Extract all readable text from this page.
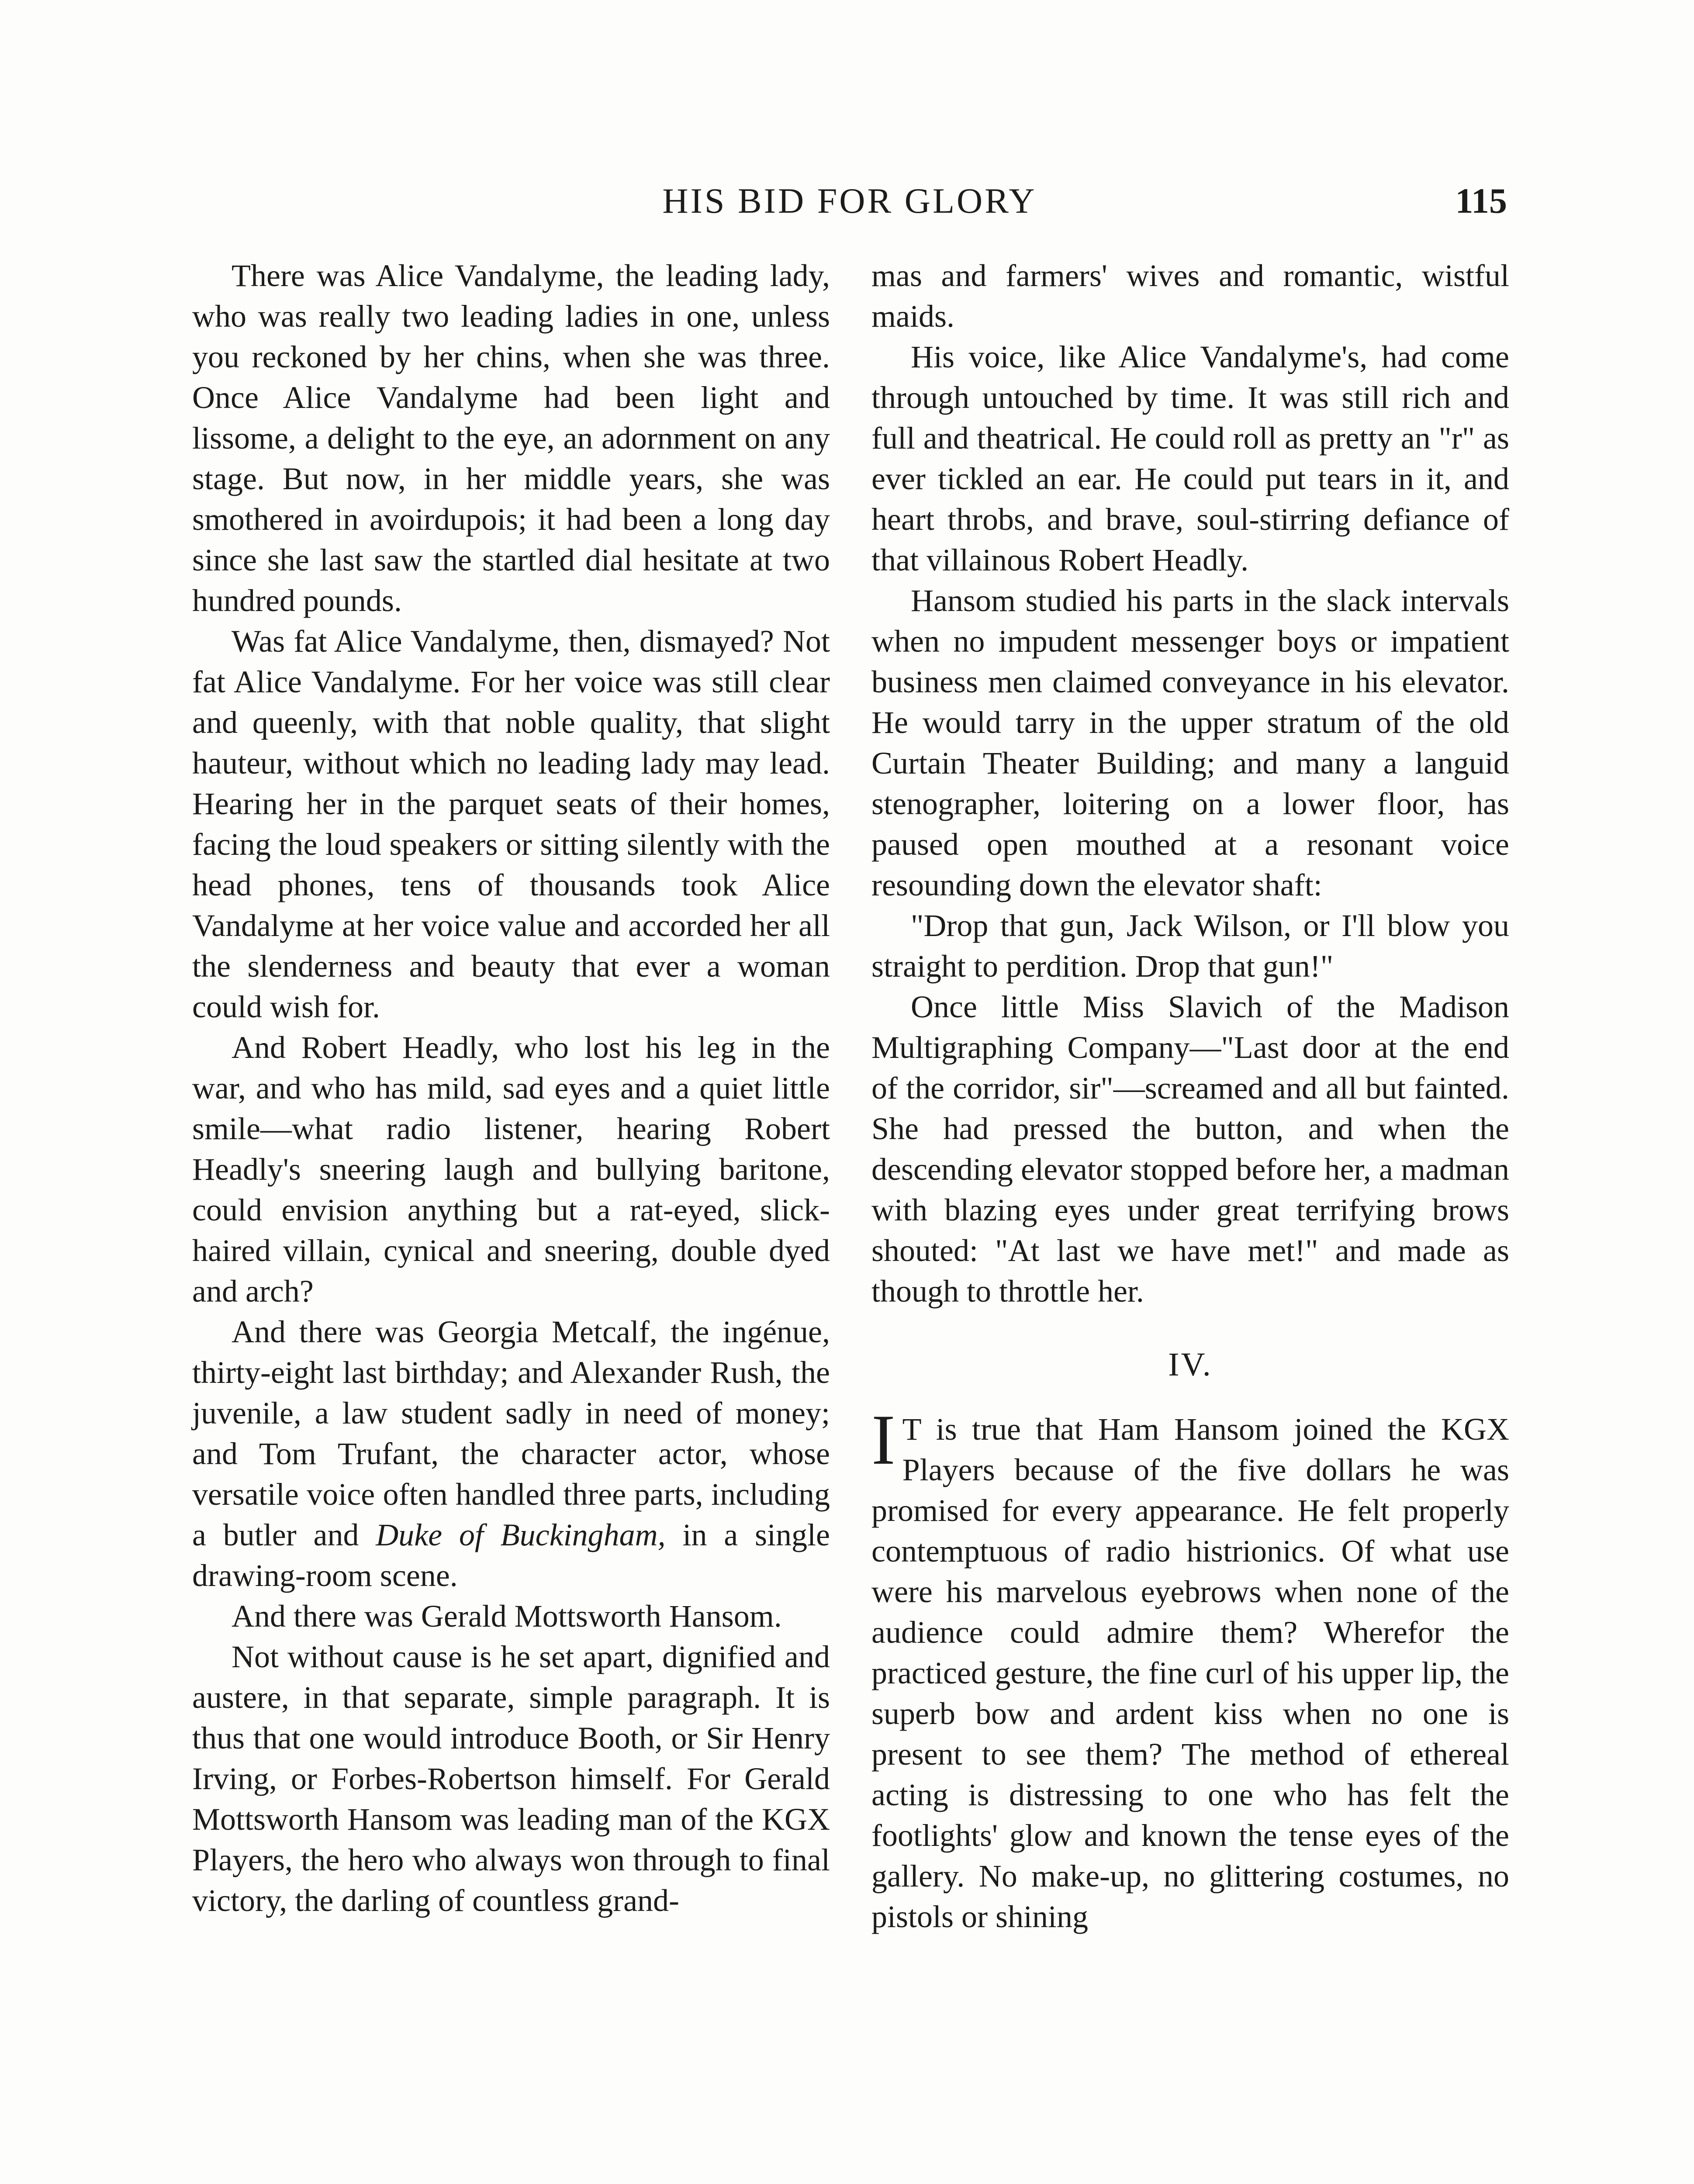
HIS BID FOR GLORY	115

There was Alice Vandalyme, the leading lady, who was really two leading ladies in one, unless you reckoned by her chins, when she was three. Once Alice Vandalyme had been light and lissome, a delight to the eye, an adornment on any stage. But now, in her middle years, she was smothered in avoirdupois; it had been a long day since she last saw the startled dial hesitate at two hundred pounds.

Was fat Alice Vandalyme, then, dismayed? Not fat Alice Vandalyme. For her voice was still clear and queenly, with that noble quality, that slight hauteur, without which no leading lady may lead. Hearing her in the parquet seats of their homes, facing the loud speakers or sitting silently with the head phones, tens of thousands took Alice Vandalyme at her voice value and accorded her all the slenderness and beauty that ever a woman could wish for.

And Robert Headly, who lost his leg in the war, and who has mild, sad eyes and a quiet little smile—what radio listener, hearing Robert Headly's sneering laugh and bullying baritone, could envision anything but a rat-eyed, slick-haired villain, cynical and sneering, double dyed and arch?

And there was Georgia Metcalf, the ingénue, thirty-eight last birthday; and Alexander Rush, the juvenile, a law student sadly in need of money; and Tom Trufant, the character actor, whose versatile voice often handled three parts, including a butler and Duke of Buckingham, in a single drawing-room scene.

And there was Gerald Mottsworth Hansom.

Not without cause is he set apart, dignified and austere, in that separate, simple paragraph. It is thus that one would introduce Booth, or Sir Henry Irving, or Forbes-Robertson himself. For Gerald Mottsworth Hansom was leading man of the KGX Players, the hero who always won through to final victory, the darling of countless grand-

mas and farmers' wives and romantic, wistful maids.

His voice, like Alice Vandalyme's, had come through untouched by time. It was still rich and full and theatrical. He could roll as pretty an "r" as ever tickled an ear. He could put tears in it, and heart throbs, and brave, soul-stirring defiance of that villainous Robert Headly.

Hansom studied his parts in the slack intervals when no impudent messenger boys or impatient business men claimed conveyance in his elevator. He would tarry in the upper stratum of the old Curtain Theater Building; and many a languid stenographer, loitering on a lower floor, has paused open mouthed at a resonant voice resounding down the elevator shaft:

"Drop that gun, Jack Wilson, or I'll blow you straight to perdition. Drop that gun!"

Once little Miss Slavich of the Madison Multigraphing Company—"Last door at the end of the corridor, sir"—screamed and all but fainted. She had pressed the button, and when the descending elevator stopped before her, a madman with blazing eyes under great terrifying brows shouted: "At last we have met!" and made as though to throttle her.

IV.

I T is true that Ham Hansom joined the KGX Players because of the five dollars he was promised for every appearance. He felt properly contemptuous of radio histrionics. Of what use were his marvelous eyebrows when none of the audience could admire them? Wherefor the practiced gesture, the fine curl of his upper lip, the superb bow and ardent kiss when no one is present to see them? The method of ethereal acting is distressing to one who has felt the footlights' glow and known the tense eyes of the gallery. No make-up, no glittering costumes, no pistols or shining
